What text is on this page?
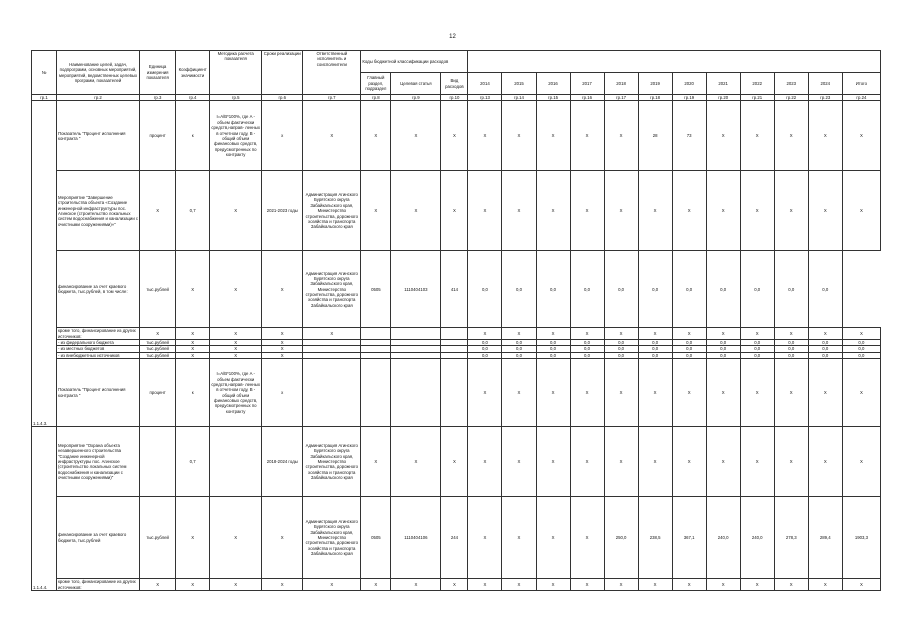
12
№	Наименование целей, задач, подпрограмм, основных мероприятий, мероприятий, ведомственных целевых программ, показателей	Единица измерения показателя	Коэффициент значимости	Методика расчета показателя	Сроки реализации	Ответственный исполнитель и соисполнители	Коды бюджетной классификации расходов														
							Главный раздел, подраздел	Целевая статья	Вид расходов	2014	2015	2016	2017	2018	2019	2020	2021	2022	2023	2024	Итого
гр.1	гр.2	гр.3	гр.4	гр.5	гр.6	гр.7	гр.8	гр.9	гр.10	гр.13	гр.14	гр.15	гр.16	гр.17	гр.18	гр.19	гр.20	гр.21	гр.22	гр.23	гр.24
1.1.4.3.	Показатель "Процент исполнения контракта "	процент	к	I=A/B*100%, где A - объем фактически средств,направ- ленных в отчетном году, B - общий объем финансовых средств, предусмотренных по контракту	х	Х	Х	Х	Х	Х	Х	Х	Х	Х	28	73	Х	Х	Х	Х	Х
	Мероприятие "Завершение строительства объекта «Создание инженерной инфраструктуры пос. Агинское (строительство локальных систем водоснабжения и канализации с очистными сооружениями)»"	Х	0,7	Х	2021-2023 годы	Администрация Агинского Бурятского округа Забайкальского края, Министерство строительства, дорожного хозяйства и транспорта Забайкальского края	Х	Х	Х	Х	Х	Х	Х	Х	Х	Х	Х	Х	Х	Х	Х
	финансирование за счет краевого бюджета, тыс.рублей, в том числе:	тыс.рублей	Х	Х	Х	Администрация Агинского Бурятского округа Забайкальского края, Министерство строительства, дорожного хозяйства и транспорта Забайкальского края	0505	1110404103	414	0,0	0,0	0,0	0,0	0,0	0,0	0,0	0,0	0,0	0,0	0,0	
	кроме того, финансирование из других источников:	Х	Х	Х	Х	Х				Х	Х	Х	Х	Х	Х	Х	Х	Х	Х	Х	Х
	- из федерального бюджета	тыс.рублей	Х	Х	Х					0,0	0,0	0,0	0,0	0,0	0,0	0,0	0,0	0,0	0,0	0,0	0,0
	- из местных бюджетов	тыс.рублей	Х	Х	Х					0,0	0,0	0,0	0,0	0,0	0,0	0,0	0,0	0,0	0,0	0,0	0,0
	- из внебюджетных источников	тыс.рублей	Х	Х	Х					0,0	0,0	0,0	0,0	0,0	0,0	0,0	0,0	0,0	0,0	0,0	0,0
	Показатель "Процент исполнения контракта "	процент	к	I=A/B*100%, где A - объем фактически средств,направ- ленных в отчетном году, B - общий объем финансовых средств, предусмотренных по контракту	х					Х	Х	Х	Х	Х	Х	Х	Х	Х	Х	Х	Х
1.1.4.4.	Мероприятие "Охрана объекта незавершенного строительства "Создание инженерной инфраструктуры пос. Агинское (строительство локальных систем водоснабжения и канализации с очистными сооружениями)"		0,7		2018-2024 годы	Администрация Агинского Бурятского округа Забайкальского края, Министерство строительства, дорожного хозяйства и транспорта Забайкальского края	Х	Х	Х	Х	Х	Х	Х	Х	Х	Х	Х	Х	Х	Х	Х
	финансирование за счет краевого бюджета, тыс.рублей	тыс.рублей	Х	Х	Х	Администрация Агинского Бурятского округа Забайкальского края, Министерство строительства, дорожного хозяйства и транспорта Забайкальского края	0505	1110404106	244	Х	Х	Х	Х	250,0	238,5	367,1	240,0	240,0	278,3	289,4	1903,3
	кроме того, финансирование из других источников:	Х	Х	Х	Х	Х	Х	Х	Х	Х	Х	Х	Х	Х	Х	Х	Х	Х	Х	Х	Х
